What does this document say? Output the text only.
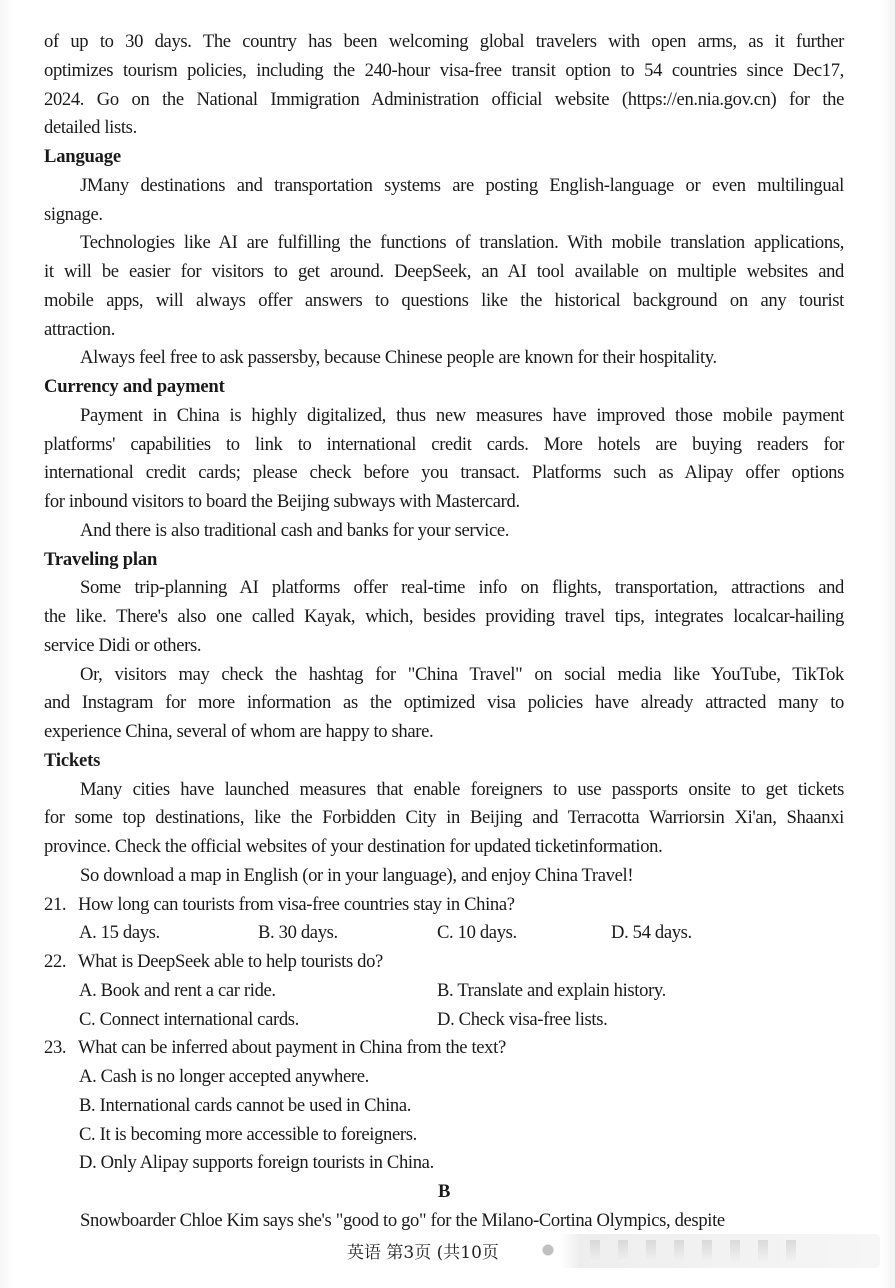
of up to 30 days. The country has been welcoming global travelers with open arms, as it further
optimizes tourism policies, including the 240-hour visa-free transit option to 54 countries since Dec17,
2024. Go on the National Immigration Administration official website (https://en.nia.gov.cn) for the
detailed lists.
Language
JMany destinations and transportation systems are posting English-language or even multilingual
signage.
Technologies like AI are fulfilling the functions of translation. With mobile translation applications,
it will be easier for visitors to get around. DeepSeek, an AI tool available on multiple websites and
mobile apps, will always offer answers to questions like the historical background on any tourist
attraction.
Always feel free to ask passersby, because Chinese people are known for their hospitality.
Currency and payment
Payment in China is highly digitalized, thus new measures have improved those mobile payment
platforms' capabilities to link to international credit cards. More hotels are buying readers for
international credit cards; please check before you transact. Platforms such as Alipay offer options
for inbound visitors to board the Beijing subways with Mastercard.
And there is also traditional cash and banks for your service.
Traveling plan
Some trip-planning AI platforms offer real-time info on flights, transportation, attractions and
the like. There's also one called Kayak, which, besides providing travel tips, integrates localcar-hailing
service Didi or others.
Or, visitors may check the hashtag for "China Travel" on social media like YouTube, TikTok
and Instagram for more information as the optimized visa policies have already attracted many to
experience China, several of whom are happy to share.
Tickets
Many cities have launched measures that enable foreigners to use passports onsite to get tickets
for some top destinations, like the Forbidden City in Beijing and Terracotta Warriorsin Xi'an, Shaanxi
province. Check the official websites of your destination for updated ticketinformation.
So download a map in English (or in your language), and enjoy China Travel!
21. How long can tourists from visa-free countries stay in China?
A. 15 days.	B. 30 days.	C. 10 days.	D. 54 days.
22. What is DeepSeek able to help tourists do?
A. Book and rent a car ride.	B. Translate and explain history.
C. Connect international cards.	D. Check visa-free lists.
23. What can be inferred about payment in China from the text?
A. Cash is no longer accepted anywhere.
B. International cards cannot be used in China.
C. It is becoming more accessible to foreigners.
D. Only Alipay supports foreign tourists in China.
B
Snowboarder Chloe Kim says she's "good to go" for the Milano-Cortina Olympics, despite
英语 第3页 (共10页
